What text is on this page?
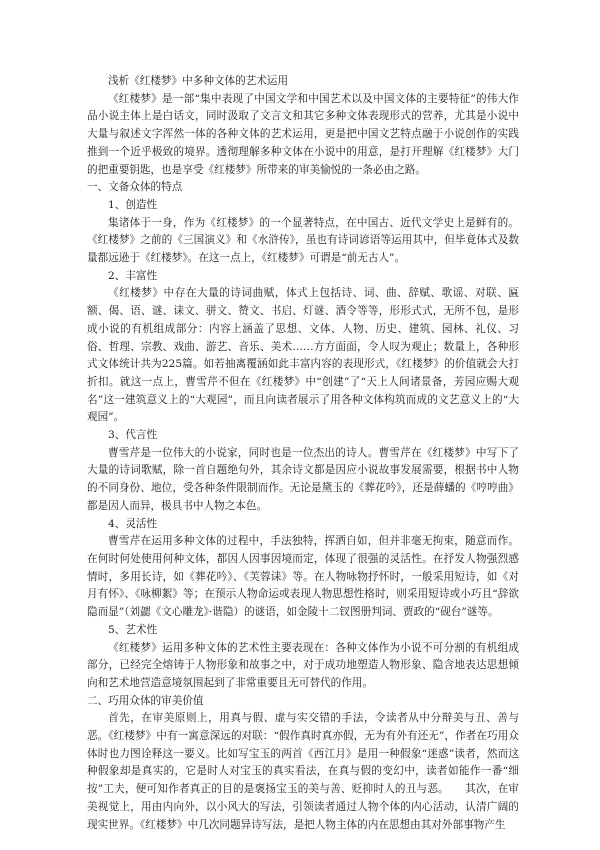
浅析《红楼梦》中多种文体的艺术运用

《红楼梦》是一部“集中表现了中国文学和中国艺术以及中国文体的主要特征”的伟大作品小说主体上是白话文，同时汲取了文言文和其它多种文体表现形式的营养，尤其是小说中大量与叙述文字浑然一体的各种文体的艺术运用，更是把中国文艺特点融于小说创作的实践推到一个近乎极致的境界。透彻理解多种文体在小说中的用意，是打开理解《红楼梦》大门的把重要钥匙，也是享受《红楼梦》所带来的审美愉悦的一条必由之路。

一、文备众体的特点
1、创造性

集诸体于一身，作为《红楼梦》的一个显著特点，在中国古、近代文学史上是鲜有的。《红楼梦》之前的《三国演义》和《水浒传》，虽也有诗词谚语等运用其中，但毕竟体式及数量都远逊于《红楼梦》。在这一点上，《红楼梦》可谓是“前无古人”。

2、丰富性

《红楼梦》中存在大量的诗词曲赋，体式上包括诗、词、曲、辞赋、歌谣、对联、匾额、偈、语、谜、诔文、骈文、赞文、书启、灯谜、酒令等等，形形式式，无所不包，是形成小说的有机组成部分：内容上涵盖了思想、文体、人物、历史、建筑、园林、礼仪、习俗、哲理、宗教、戏曲、游艺、音乐、美术……方方面面，令人叹为观止；数量上，各种形式文体统计共为225篇。如若抽离覆涵如此丰富内容的表现形式，《红楼梦》的价值就会大打折扣。就这一点上，曹雪芹不但在《红楼梦》中“创建”了“天上人间诸景备，芳园应赐大观名”这一建筑意义上的“大观园”，而且向读者展示了用各种文体构筑而成的文艺意义上的“大观园”。

3、代言性

曹雪芹是一位伟大的小说家，同时也是一位杰出的诗人。曹雪芹在《红楼梦》中写下了大量的诗词歌赋，除一首自题绝句外，其余诗文都是因应小说故事发展需要，根据书中人物的不同身份、地位，受各种条件限制而作。无论是黛玉的《葬花吟》，还是薛蟠的《哼哼曲》都是因人而异，极具书中人物之本色。

4、灵活性

曹雪芹在运用多种文体的过程中，手法独特，挥洒自如，但并非毫无拘束，随意而作。在何时何处使用何种文体，都因人因事因境而定，体现了很强的灵活性。在抒发人物强烈感情时，多用长诗，如《葬花吟》、《芙蓉诔》等。在人物咏物抒怀时，一般采用短诗，如《对月有怀》、《咏柳絮》等；在预示人物命运或表现人物思想性格时，则采用短诗或小巧且“辞欲隐而显”（刘勰《文心雕龙》·谐隐）的谜语，如金陵十二钗图册判词、贾政的“砚台”谜等。

5、艺术性

《红楼梦》运用多种文体的艺术性主要表现在：各种文体作为小说不可分割的有机组成部分，已经完全熔铸于人物形象和故事之中，对于成功地塑造人物形象、隐含地表达思想倾向和艺术地营造意境氛围起到了非常重要且无可替代的作用。

二、巧用众体的审美价值

首先，在审美原则上，用真与假、虚与实交错的手法，令读者从中分辩美与丑、善与恶。《红楼梦》中有一寓意深远的对联：“假作真时真亦假，无为有外有还无”，作者在巧用众体时也力图诠释这一要义。比如写宝玉的两首《西江月》是用一种假象“迷惑”读者，然而这种假象却是真实的，它是时人对宝玉的真实看法，在真与假的变幻中，读者如能作一番“细按”工夫，便可知作者真正的目的是褒扬宝玉的美与善、贬抑时人的丑与恶。　　其次，在审美视觉上，用由内向外，以小风大的写法，引领读者通过人物个体的内心活动，认清广阔的现实世界。《红楼梦》中几次同题异诗写法，是把人物主体的内在思想由其对外部事物产生
